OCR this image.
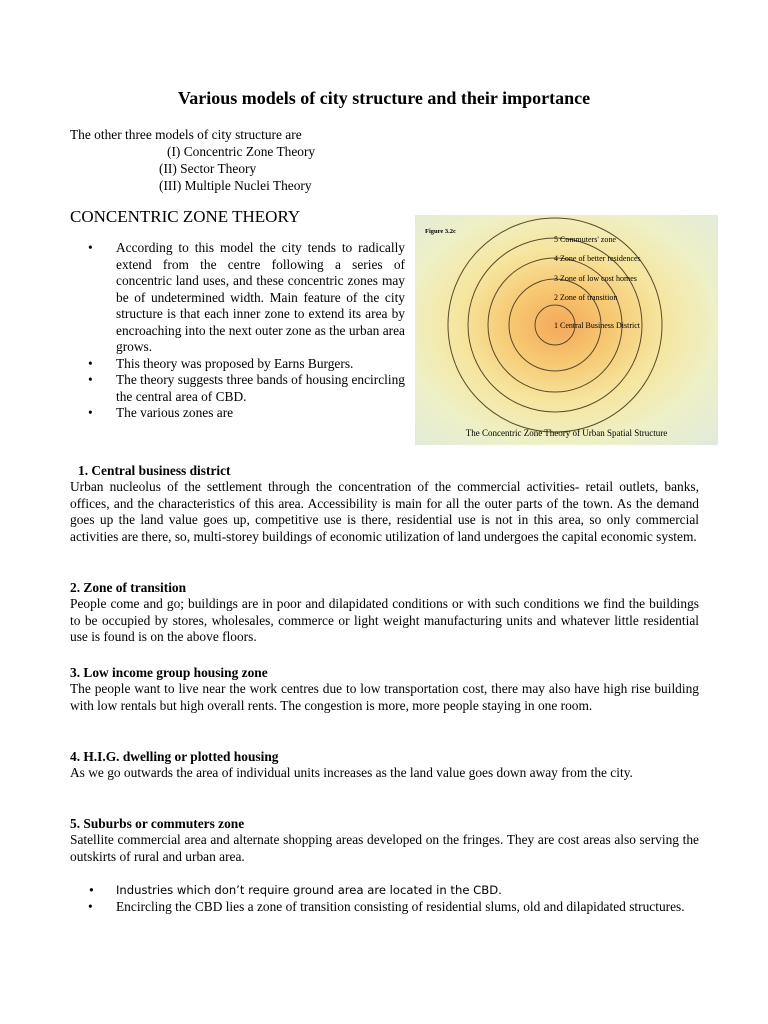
Various models of city structure and their importance
The other three models of city structure are
(I) Concentric Zone Theory
(II) Sector Theory
(III) Multiple Nuclei Theory
CONCENTRIC ZONE THEORY
• According to this model the city tends to radically extend from the centre following a series of concentric land uses, and these concentric zones may be of undetermined width. Main feature of the city structure is that each inner zone to extend its area by encroaching into the next outer zone as the urban area grows.
• This theory was proposed by Earns Burgers.
• The theory suggests three bands of housing encircling the central area of CBD.
• The various zones are
Figure 3.2c
5 Commuters' zone
4 Zone of better residences
3 Zone of low cost homes
2 Zone of transition
1 Central Business District
The Concentric Zone Theory of Urban Spatial Structure
1. Central business district
Urban nucleolus of the settlement through the concentration of the commercial activities- retail outlets, banks, offices, and the characteristics of this area. Accessibility is main for all the outer parts of the town. As the demand goes up the land value goes up, competitive use is there, residential use is not in this area, so only commercial activities are there, so, multi-storey buildings of economic utilization of land undergoes the capital economic system.
2. Zone of transition
People come and go; buildings are in poor and dilapidated conditions or with such conditions we find the buildings to be occupied by stores, wholesales, commerce or light weight manufacturing units and whatever little residential use is found is on the above floors.
3. Low income group housing zone
The people want to live near the work centres due to low transportation cost, there may also have high rise building with low rentals but high overall rents. The congestion is more, more people staying in one room.
4. H.I.G. dwelling or plotted housing
As we go outwards the area of individual units increases as the land value goes down away from the city.
5. Suburbs or commuters zone
Satellite commercial area and alternate shopping areas developed on the fringes. They are cost areas also serving the outskirts of rural and urban area.
• Industries which don’t require ground area are located in the CBD.
• Encircling the CBD lies a zone of transition consisting of residential slums, old and dilapidated structures.
